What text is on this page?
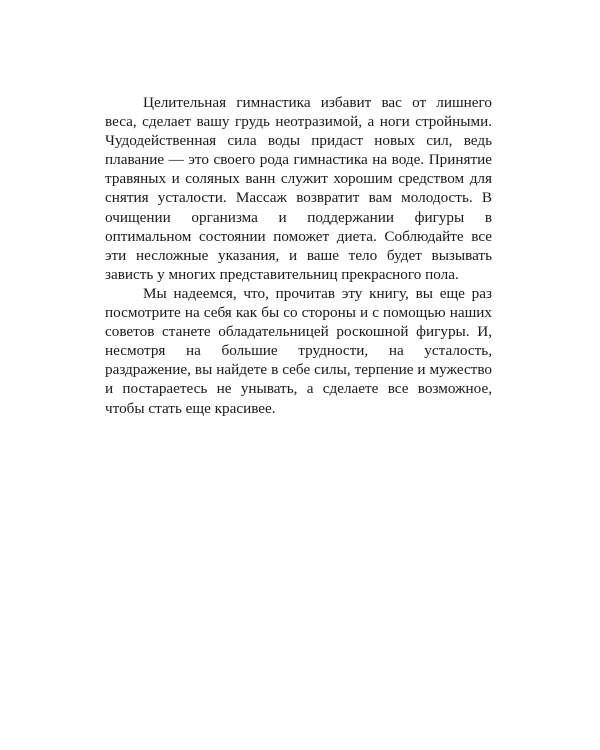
Целительная гимнастика избавит вас от лишнего
веса, сделает вашу грудь неотразимой, а ноги стройными.
Чудодейственная сила воды придаст новых сил, ведь
плавание — это своего рода гимнастика на воде. Принятие
травяных и соляных ванн служит хорошим средством для
снятия усталости. Массаж возвратит вам молодость. В
очищении организма и поддержании фигуры в
оптимальном состоянии поможет диета. Соблюдайте все
эти несложные указания, и ваше тело будет вызывать
зависть у многих представительниц прекрасного пола.
Мы надеемся, что, прочитав эту книгу, вы еще раз
посмотрите на себя как бы со стороны и с помощью наших
советов станете обладательницей роскошной фигуры. И,
несмотря на большие трудности, на усталость,
раздражение, вы найдете в себе силы, терпение и мужество
и постараетесь не унывать, а сделаете все возможное,
чтобы стать еще красивее.
